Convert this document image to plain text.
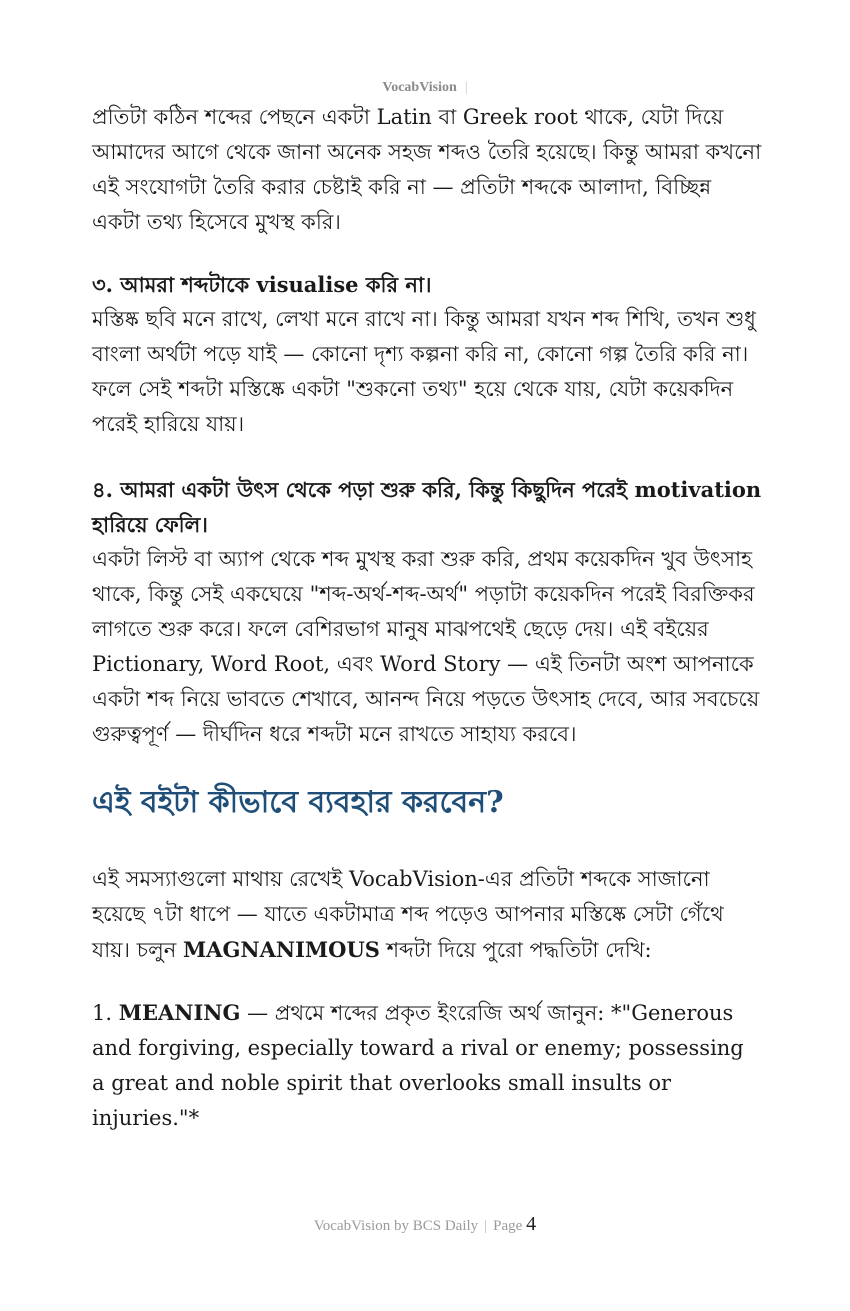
VocabVision |

প্রতিটা কঠিন শব্দের পেছনে একটা Latin বা Greek root থাকে, যেটা দিয়ে আমাদের আগে থেকে জানা অনেক সহজ শব্দও তৈরি হয়েছে। কিন্তু আমরা কখনো এই সংযোগটা তৈরি করার চেষ্টাই করি না — প্রতিটা শব্দকে আলাদা, বিচ্ছিন্ন একটা তথ্য হিসেবে মুখস্থ করি।

৩. আমরা শব্দটাকে visualise করি না।

মস্তিষ্ক ছবি মনে রাখে, লেখা মনে রাখে না। কিন্তু আমরা যখন শব্দ শিখি, তখন শুধু বাংলা অর্থটা পড়ে যাই — কোনো দৃশ্য কল্পনা করি না, কোনো গল্প তৈরি করি না। ফলে সেই শব্দটা মস্তিষ্কে একটা "শুকনো তথ্য" হয়ে থেকে যায়, যেটা কয়েকদিন পরেই হারিয়ে যায়।

৪. আমরা একটা উৎস থেকে পড়া শুরু করি, কিন্তু কিছুদিন পরেই motivation হারিয়ে ফেলি।

একটা লিস্ট বা অ্যাপ থেকে শব্দ মুখস্থ করা শুরু করি, প্রথম কয়েকদিন খুব উৎসাহ থাকে, কিন্তু সেই একঘেয়ে "শব্দ-অর্থ-শব্দ-অর্থ" পড়াটা কয়েকদিন পরেই বিরক্তিকর লাগতে শুরু করে। ফলে বেশিরভাগ মানুষ মাঝপথেই ছেড়ে দেয়। এই বইয়ের Pictionary, Word Root, এবং Word Story — এই তিনটা অংশ আপনাকে একটা শব্দ নিয়ে ভাবতে শেখাবে, আনন্দ নিয়ে পড়তে উৎসাহ দেবে, আর সবচেয়ে গুরুত্বপূর্ণ — দীর্ঘদিন ধরে শব্দটা মনে রাখতে সাহায্য করবে।

এই বইটা কীভাবে ব্যবহার করবেন?

এই সমস্যাগুলো মাথায় রেখেই VocabVision-এর প্রতিটা শব্দকে সাজানো হয়েছে ৭টা ধাপে — যাতে একটামাত্র শব্দ পড়েও আপনার মস্তিষ্কে সেটা গেঁথে যায়। চলুন MAGNANIMOUS শব্দটা দিয়ে পুরো পদ্ধতিটা দেখি:

1. MEANING — প্রথমে শব্দের প্রকৃত ইংরেজি অর্থ জানুন: *"Generous and forgiving, especially toward a rival or enemy; possessing a great and noble spirit that overlooks small insults or injuries."*

VocabVision by BCS Daily | Page 4
